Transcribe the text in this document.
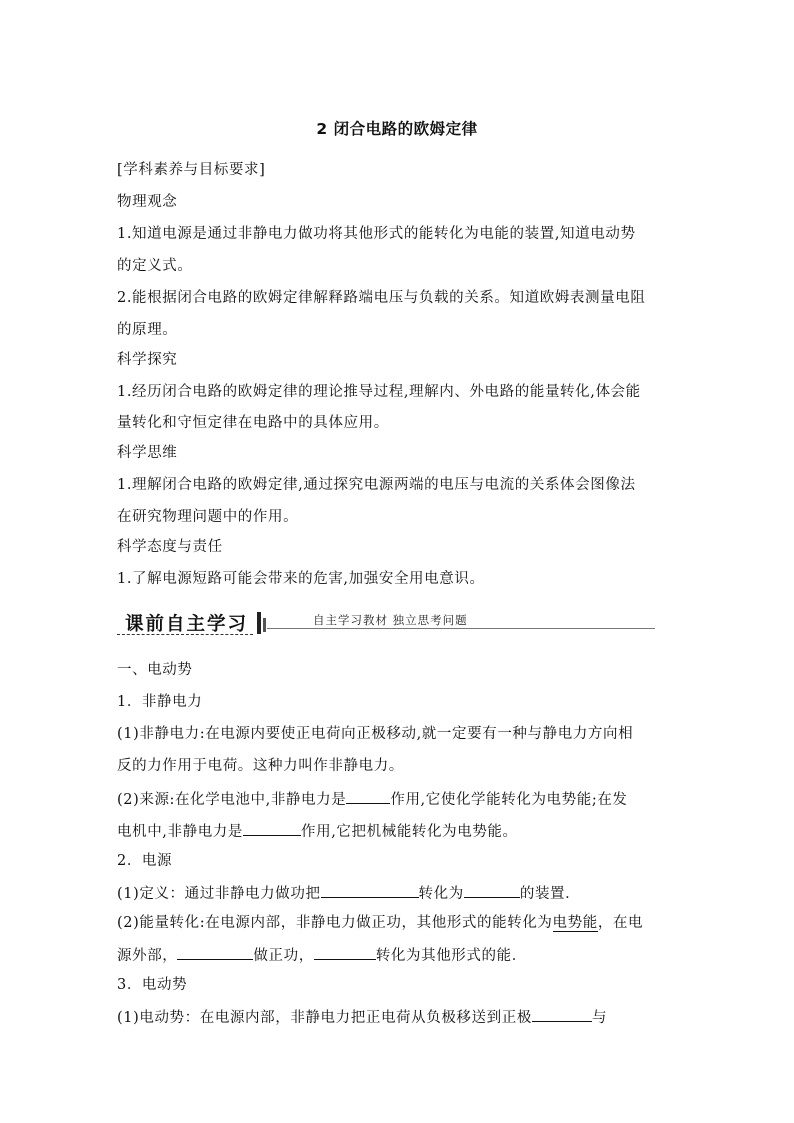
2 闭合电路的欧姆定律
[学科素养与目标要求]
物理观念
1.知道电源是通过非静电力做功将其他形式的能转化为电能的装置,知道电动势
的定义式。
2.能根据闭合电路的欧姆定律解释路端电压与负载的关系。知道欧姆表测量电阻
的原理。
科学探究
1.经历闭合电路的欧姆定律的理论推导过程,理解内、外电路的能量转化,体会能
量转化和守恒定律在电路中的具体应用。
科学思维
1.理解闭合电路的欧姆定律,通过探究电源两端的电压与电流的关系体会图像法
在研究物理问题中的作用。
科学态度与责任
1.了解电源短路可能会带来的危害,加强安全用电意识。
课前自主学习	自主学习教材 独立思考问题
一、电动势
1．非静电力
(1)非静电力:在电源内要使正电荷向正极移动,就一定要有一种与静电力方向相
反的力作用于电荷。这种力叫作非静电力。
(2)来源:在化学电池中,非静电力是	作用,它使化学能转化为电势能;在发
电机中,非静电力是	作用,它把机械能转化为电势能。
2．电源
(1)定义：通过非静电力做功把	转化为	的装置．
(2)能量转化:在电源内部，非静电力做正功，其他形式的能转化为电势能，在电
源外部，	做正功，	转化为其他形式的能．
3．电动势
(1)电动势：在电源内部，非静电力把正电荷从负极移送到正极	与
